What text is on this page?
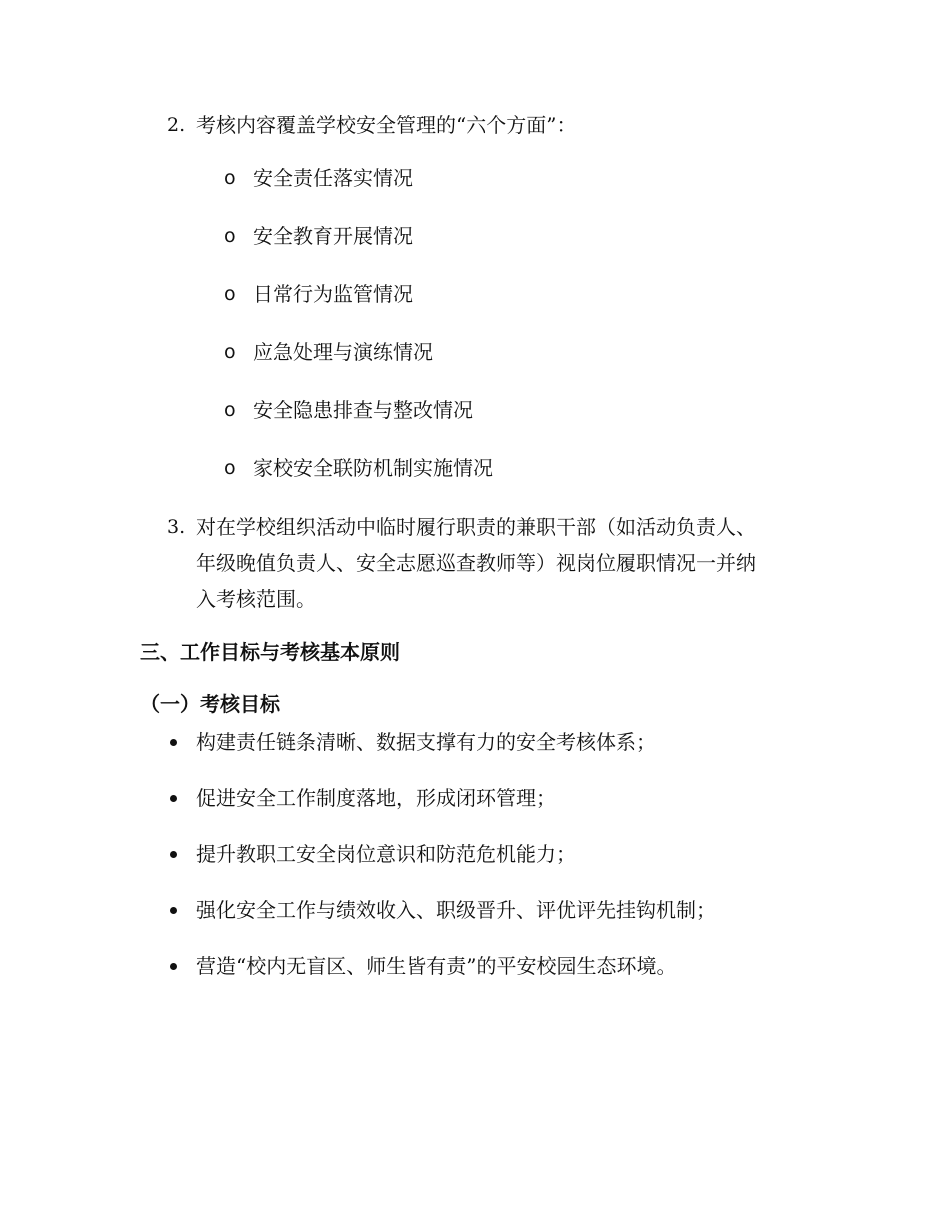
2. 考核内容覆盖学校安全管理的“六个方面”：
o 安全责任落实情况
o 安全教育开展情况
o 日常行为监管情况
o 应急处理与演练情况
o 安全隐患排查与整改情况
o 家校安全联防机制实施情况
3. 对在学校组织活动中临时履行职责的兼职干部（如活动负责人、
年级晚值负责人、安全志愿巡查教师等）视岗位履职情况一并纳
入考核范围。
三、工作目标与考核基本原则
（一）考核目标
构建责任链条清晰、数据支撑有力的安全考核体系；
促进安全工作制度落地，形成闭环管理；
提升教职工安全岗位意识和防范危机能力；
强化安全工作与绩效收入、职级晋升、评优评先挂钩机制；
营造“校内无盲区、师生皆有责”的平安校园生态环境。
